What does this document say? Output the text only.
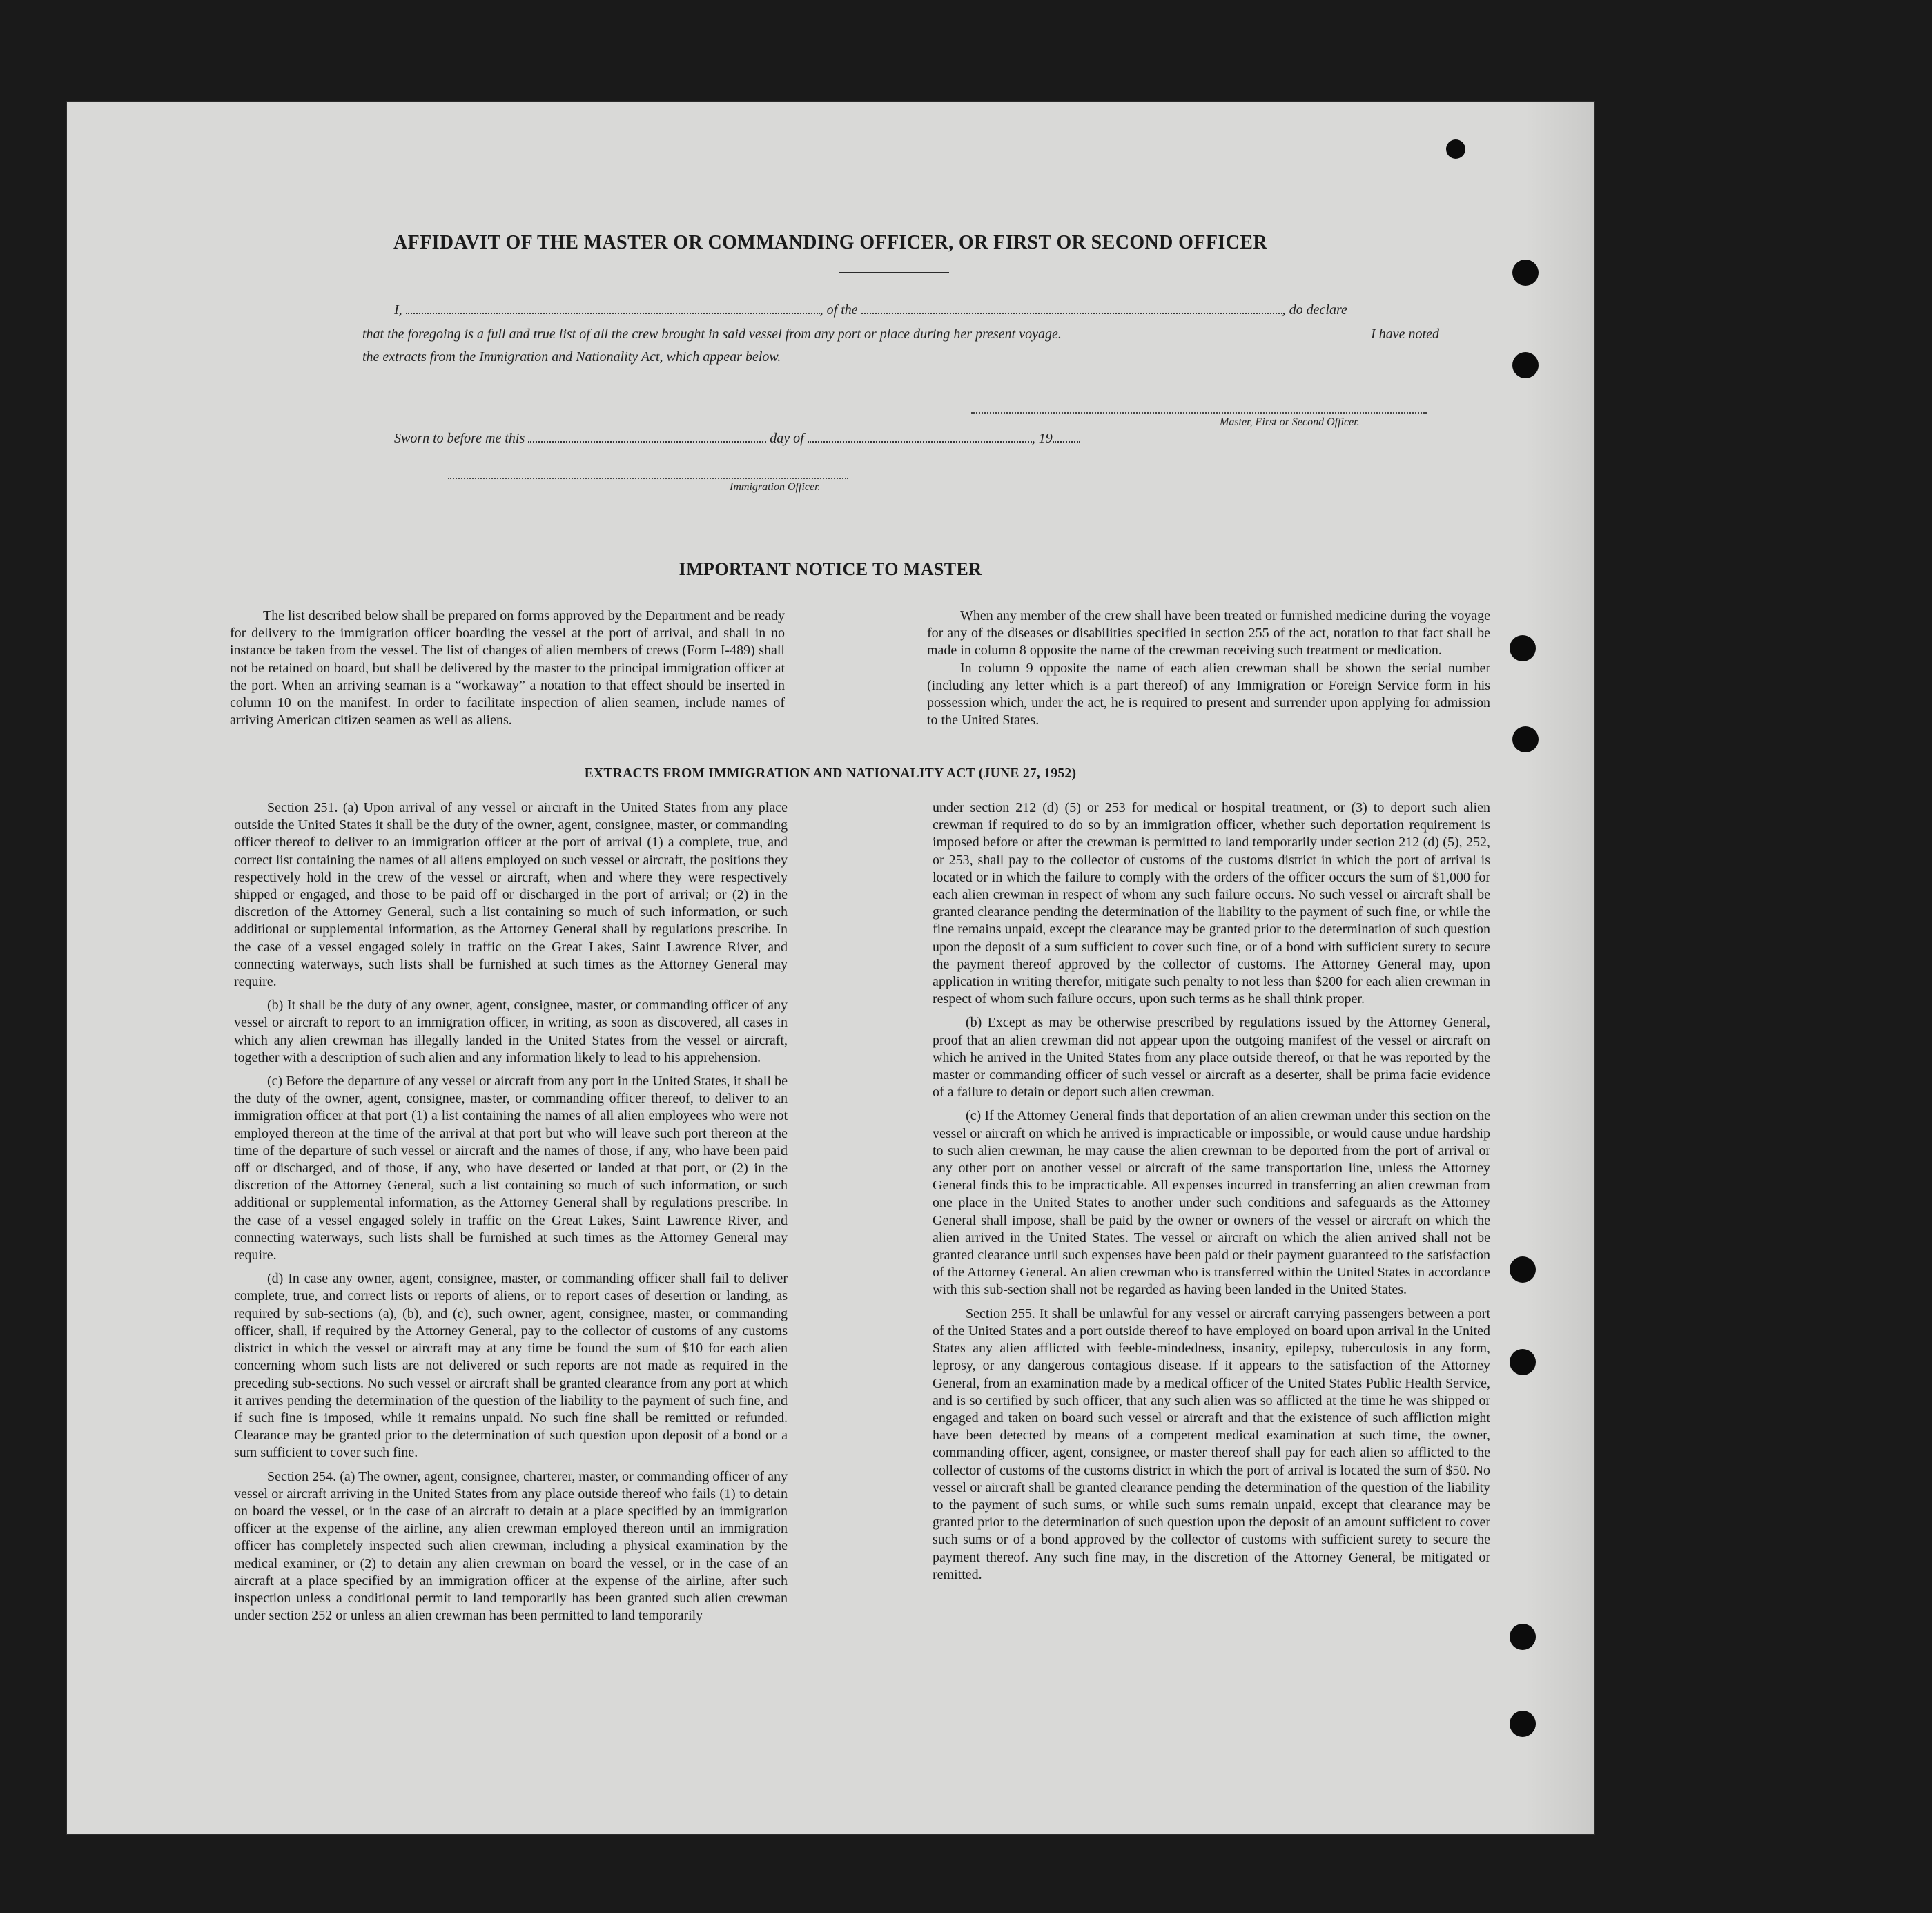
AFFIDAVIT OF THE MASTER OR COMMANDING OFFICER, OR FIRST OR SECOND OFFICER
I,	, of the	, do declare
that the foregoing is a full and true list of all the crew brought in said vessel from any port or place during her present voyage.	I have noted
the extracts from the Immigration and Nationality Act, which appear below.
Master, First or Second Officer.
Sworn to before me this	day of	, 19
Immigration Officer.
IMPORTANT NOTICE TO MASTER

The list described below shall be prepared on forms approved by the Department and be ready for delivery to the immigration officer boarding the vessel at the port of arrival, and shall in no instance be taken from the vessel. The list of changes of alien members of crews (Form I-489) shall not be retained on board, but shall be delivered by the master to the principal immigration officer at the port. When an arriving seaman is a “workaway” a notation to that effect should be inserted in column 10 on the manifest. In order to facilitate inspection of alien seamen, include names of arriving American citizen seamen as well as aliens.

When any member of the crew shall have been treated or furnished medicine during the voyage for any of the diseases or disabilities specified in section 255 of the act, notation to that fact shall be made in column 8 opposite the name of the crewman receiving such treatment or medication.

In column 9 opposite the name of each alien crewman shall be shown the serial number (including any letter which is a part thereof) of any Immigration or Foreign Service form in his possession which, under the act, he is required to present and surrender upon applying for admission to the United States.

EXTRACTS FROM IMMIGRATION AND NATIONALITY ACT (JUNE 27, 1952)

Section 251. (a) Upon arrival of any vessel or aircraft in the United States from any place outside the United States it shall be the duty of the owner, agent, consignee, master, or commanding officer thereof to deliver to an immigration officer at the port of arrival (1) a complete, true, and correct list containing the names of all aliens employed on such vessel or aircraft, the positions they respectively hold in the crew of the vessel or aircraft, when and where they were respectively shipped or engaged, and those to be paid off or discharged in the port of arrival; or (2) in the discretion of the Attorney General, such a list containing so much of such information, or such additional or supplemental information, as the Attorney General shall by regulations prescribe. In the case of a vessel engaged solely in traffic on the Great Lakes, Saint Lawrence River, and connecting waterways, such lists shall be furnished at such times as the Attorney General may require.

(b) It shall be the duty of any owner, agent, consignee, master, or commanding officer of any vessel or aircraft to report to an immigration officer, in writing, as soon as discovered, all cases in which any alien crewman has illegally landed in the United States from the vessel or aircraft, together with a description of such alien and any information likely to lead to his apprehension.

(c) Before the departure of any vessel or aircraft from any port in the United States, it shall be the duty of the owner, agent, consignee, master, or commanding officer thereof, to deliver to an immigration officer at that port (1) a list containing the names of all alien employees who were not employed thereon at the time of the arrival at that port but who will leave such port thereon at the time of the departure of such vessel or aircraft and the names of those, if any, who have been paid off or discharged, and of those, if any, who have deserted or landed at that port, or (2) in the discretion of the Attorney General, such a list containing so much of such information, or such additional or supplemental information, as the Attorney General shall by regulations prescribe. In the case of a vessel engaged solely in traffic on the Great Lakes, Saint Lawrence River, and connecting waterways, such lists shall be furnished at such times as the Attorney General may require.

(d) In case any owner, agent, consignee, master, or commanding officer shall fail to deliver complete, true, and correct lists or reports of aliens, or to report cases of desertion or landing, as required by sub-sections (a), (b), and (c), such owner, agent, consignee, master, or commanding officer, shall, if required by the Attorney General, pay to the collector of customs of any customs district in which the vessel or aircraft may at any time be found the sum of $10 for each alien concerning whom such lists are not delivered or such reports are not made as required in the preceding sub-sections. No such vessel or aircraft shall be granted clearance from any port at which it arrives pending the determination of the question of the liability to the payment of such fine, and if such fine is imposed, while it remains unpaid. No such fine shall be remitted or refunded. Clearance may be granted prior to the determination of such question upon deposit of a bond or a sum sufficient to cover such fine.

Section 254. (a) The owner, agent, consignee, charterer, master, or commanding officer of any vessel or aircraft arriving in the United States from any place outside thereof who fails (1) to detain on board the vessel, or in the case of an aircraft to detain at a place specified by an immigration officer at the expense of the airline, any alien crewman employed thereon until an immigration officer has completely inspected such alien crewman, including a physical examination by the medical examiner, or (2) to detain any alien crewman on board the vessel, or in the case of an aircraft at a place specified by an immigration officer at the expense of the airline, after such inspection unless a conditional permit to land temporarily has been granted such alien crewman under section 252 or unless an alien crewman has been permitted to land temporarily

under section 212 (d) (5) or 253 for medical or hospital treatment, or (3) to deport such alien crewman if required to do so by an immigration officer, whether such deportation requirement is imposed before or after the crewman is permitted to land temporarily under section 212 (d) (5), 252, or 253, shall pay to the collector of customs of the customs district in which the port of arrival is located or in which the failure to comply with the orders of the officer occurs the sum of $1,000 for each alien crewman in respect of whom any such failure occurs. No such vessel or aircraft shall be granted clearance pending the determination of the liability to the payment of such fine, or while the fine remains unpaid, except the clearance may be granted prior to the determination of such question upon the deposit of a sum sufficient to cover such fine, or of a bond with sufficient surety to secure the payment thereof approved by the collector of customs. The Attorney General may, upon application in writing therefor, mitigate such penalty to not less than $200 for each alien crewman in respect of whom such failure occurs, upon such terms as he shall think proper.

(b) Except as may be otherwise prescribed by regulations issued by the Attorney General, proof that an alien crewman did not appear upon the outgoing manifest of the vessel or aircraft on which he arrived in the United States from any place outside thereof, or that he was reported by the master or commanding officer of such vessel or aircraft as a deserter, shall be prima facie evidence of a failure to detain or deport such alien crewman.

(c) If the Attorney General finds that deportation of an alien crewman under this section on the vessel or aircraft on which he arrived is impracticable or impossible, or would cause undue hardship to such alien crewman, he may cause the alien crewman to be deported from the port of arrival or any other port on another vessel or aircraft of the same transportation line, unless the Attorney General finds this to be impracticable. All expenses incurred in transferring an alien crewman from one place in the United States to another under such conditions and safeguards as the Attorney General shall impose, shall be paid by the owner or owners of the vessel or aircraft on which the alien arrived in the United States. The vessel or aircraft on which the alien arrived shall not be granted clearance until such expenses have been paid or their payment guaranteed to the satisfaction of the Attorney General. An alien crewman who is transferred within the United States in accordance with this sub-section shall not be regarded as having been landed in the United States.

Section 255. It shall be unlawful for any vessel or aircraft carrying passengers between a port of the United States and a port outside thereof to have employed on board upon arrival in the United States any alien afflicted with feeble-mindedness, insanity, epilepsy, tuberculosis in any form, leprosy, or any dangerous contagious disease. If it appears to the satisfaction of the Attorney General, from an examination made by a medical officer of the United States Public Health Service, and is so certified by such officer, that any such alien was so afflicted at the time he was shipped or engaged and taken on board such vessel or aircraft and that the existence of such affliction might have been detected by means of a competent medical examination at such time, the owner, commanding officer, agent, consignee, or master thereof shall pay for each alien so afflicted to the collector of customs of the customs district in which the port of arrival is located the sum of $50. No vessel or aircraft shall be granted clearance pending the determination of the question of the liability to the payment of such sums, or while such sums remain unpaid, except that clearance may be granted prior to the determination of such question upon the deposit of an amount sufficient to cover such sums or of a bond approved by the collector of customs with sufficient surety to secure the payment thereof. Any such fine may, in the discretion of the Attorney General, be mitigated or remitted.
